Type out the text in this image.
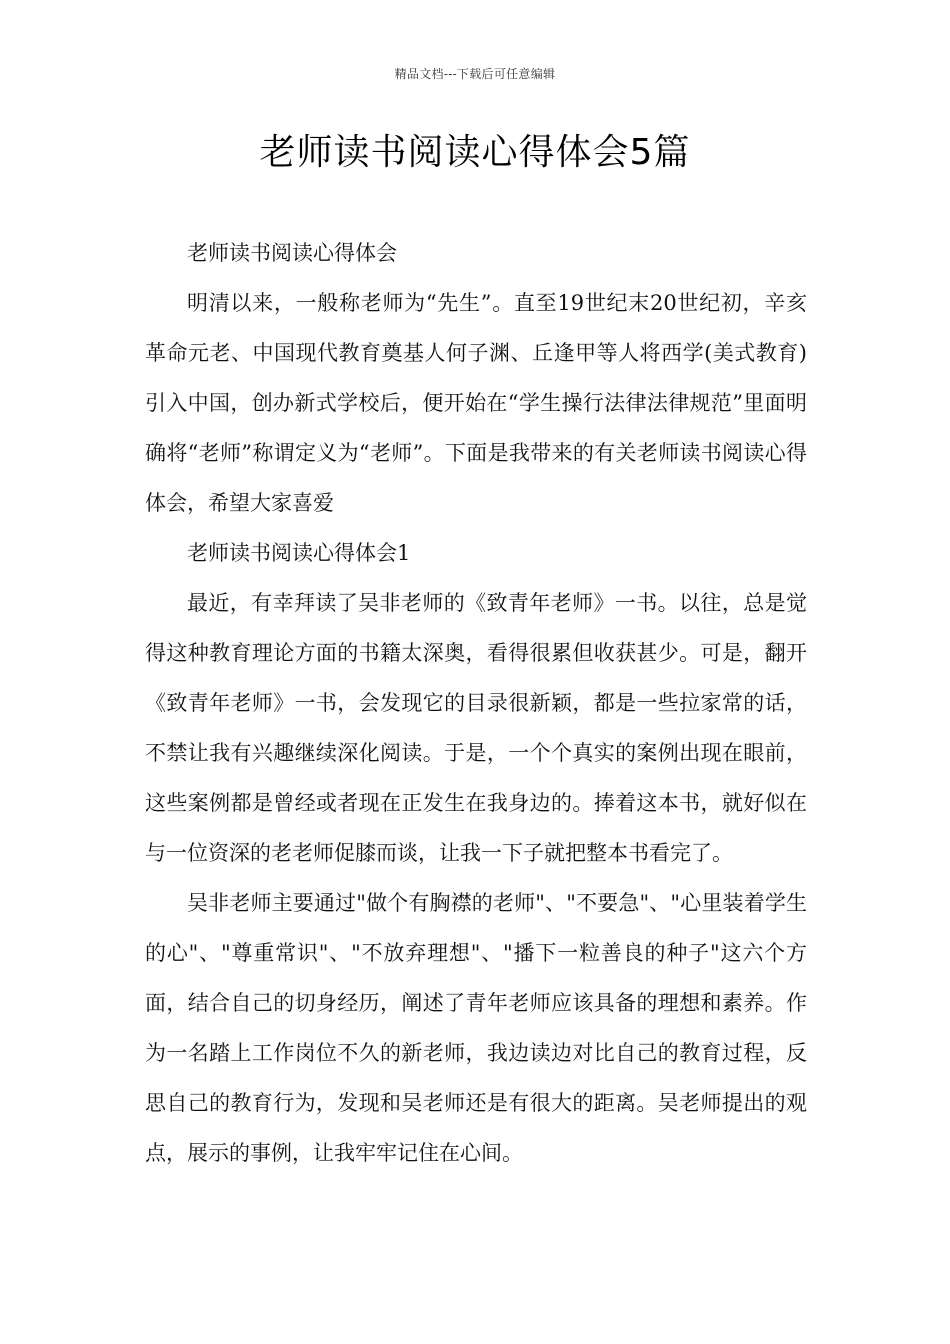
精品文档---下载后可任意编辑
老师读书阅读心得体会5篇

老师读书阅读心得体会

明清以来，一般称老师为“先生”。直至19世纪末20世纪初，辛亥革命元老、中国现代教育奠基人何子渊、丘逢甲等人将西学(美式教育)引入中国，创办新式学校后，便开始在“学生操行法律法律规范”里面明确将“老师”称谓定义为“老师”。下面是我带来的有关老师读书阅读心得体会，希望大家喜爱

老师读书阅读心得体会1

最近，有幸拜读了吴非老师的《致青年老师》一书。以往，总是觉得这种教育理论方面的书籍太深奥，看得很累但收获甚少。可是，翻开《致青年老师》一书，会发现它的目录很新颖，都是一些拉家常的话，不禁让我有兴趣继续深化阅读。于是，一个个真实的案例出现在眼前，这些案例都是曾经或者现在正发生在我身边的。捧着这本书，就好似在与一位资深的老老师促膝而谈，让我一下子就把整本书看完了。

吴非老师主要通过"做个有胸襟的老师"、"不要急"、"心里装着学生的心"、"尊重常识"、"不放弃理想"、"播下一粒善良的种子"这六个方面，结合自己的切身经历，阐述了青年老师应该具备的理想和素养。作为一名踏上工作岗位不久的新老师，我边读边对比自己的教育过程，反思自己的教育行为，发现和吴老师还是有很大的距离。吴老师提出的观点，展示的事例，让我牢牢记住在心间。
